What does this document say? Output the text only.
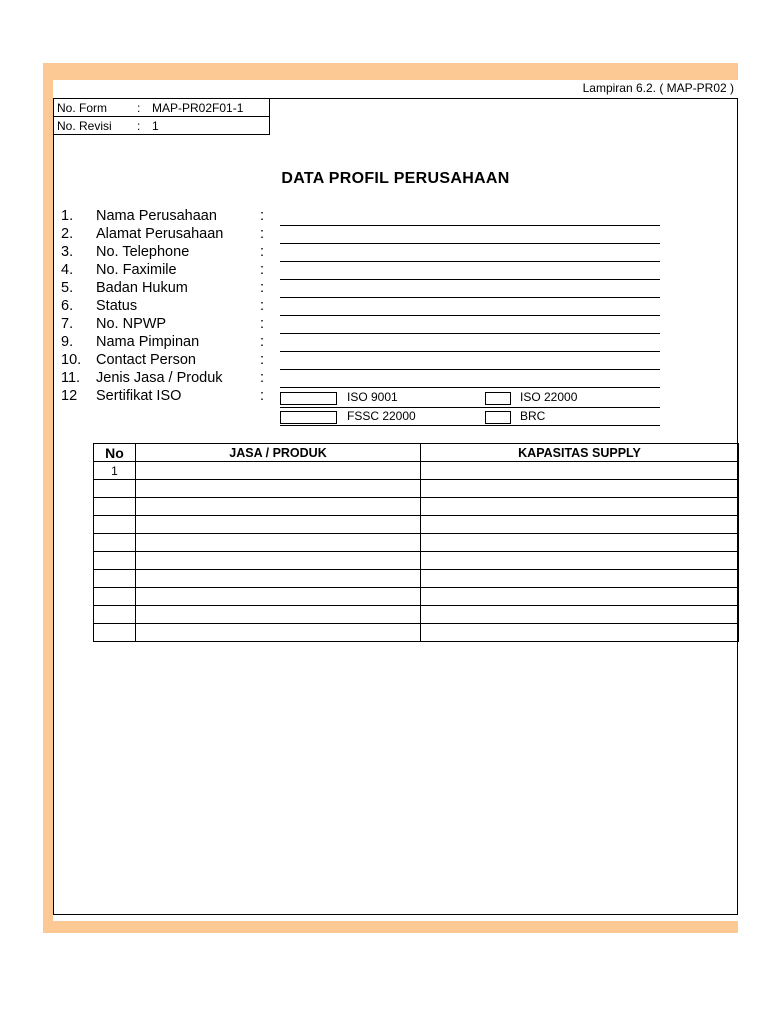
Lampiran 6.2. ( MAP-PR02 )
No. Form	: MAP-PR02F01-1

No. Revisi	: 1
DATA PROFIL PERUSAHAAN
1. Nama Perusahaan	:
2. Alamat Perusahaan	:
3. No. Telephone	:
4. No. Faximile	:
5. Badan Hukum	:
6. Status	:
7. No. NPWP	:
9. Nama Pimpinan	:
10. Contact Person	:
11. Jenis Jasa / Produk	:
12 Sertifikat ISO	:	ISO 9001	ISO 22000
FSSC 22000	BRC
No	JASA / PRODUK	KAPASITAS SUPPLY
1		
